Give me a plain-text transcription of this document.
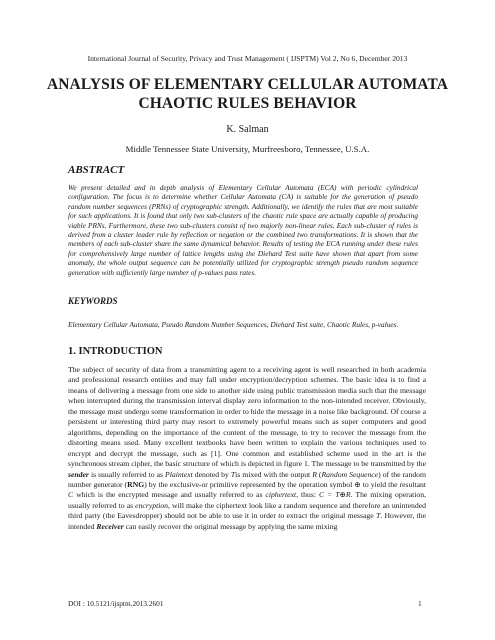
International Journal of Security, Privacy and Trust Management ( IJSPTM) Vol 2, No 6, December 2013
ANALYSIS OF ELEMENTARY CELLULAR AUTOMATA CHAOTIC RULES BEHAVIOR
K. Salman
Middle Tennessee State University, Murfreesboro, Tennessee, U.S.A.
ABSTRACT
We present detailed and in depth analysis of Elementary Cellular Automata (ECA) with periodic cylindrical configuration. The focus is to determine whether Cellular Automata (CA) is suitable for the generation of pseudo random number sequences (PRNs) of cryptographic strength. Additionally, we identify the rules that are most suitable for such applications. It is found that only two sub-clusters of the chaotic rule space are actually capable of producing viable PRNs. Furthermore, these two sub-clusters consist of two majorly non-linear rules. Each sub-cluster of rules is derived from a cluster leader rule by reflection or negation or the combined two transformations. It is shown that the members of each sub-cluster share the same dynamical behavior. Results of testing the ECA running under these rules for comprehensively large number of lattice lengths using the Diehard Test suite have shown that apart from some anomaly, the whole output sequence can be potentially utilized for cryptographic strength pseudo random sequence generation with sufficiently large number of p-values pass rates.
KEYWORDS
Elementary Cellular Automata, Pseudo Random Number Sequences, Diehard Test suite, Chaotic Rules, p-values.
1. INTRODUCTION
The subject of security of data from a transmitting agent to a receiving agent is well researched in both academia and professional research entities and may fall under encryption/decryption schemes. The basic idea is to find a means of delivering a message from one side to another side using public transmission media such that the message when interrupted during the transmission interval display zero information to the non-intended receiver. Obviously, the message must undergo some transformation in order to hide the message in a noise like background. Of course a persistent or interesting third party may resort to extremely powerful means such as super computers and good algorithms, depending on the importance of the content of the message, to try to recover the message from the distorting means used. Many excellent textbooks have been written to explain the various techniques used to encrypt and decrypt the message, such as [1]. One common and established scheme used in the art is the synchronous stream cipher, the basic structure of which is depicted in figure 1. The message to be transmitted by the sender is usually referred to as Plaintext denoted by Tis mixed with the output R (Random Sequence) of the random number generator (RNG) by the exclusive-or primitive represented by the operation symbol ⊕ to yield the resultant C which is the encrypted message and usually referred to as ciphertext, thus: C = T⊕R. The mixing operation, usually referred to as encryption, will make the ciphertext look like a random sequence and therefore an unintended third party (the Eavesdropper) should not be able to use it in order to extract the original message T. However, the intended Receiver can easily recover the original message by applying the same mixing
DOI : 10.5121/ijsptm.2013.2601	1
